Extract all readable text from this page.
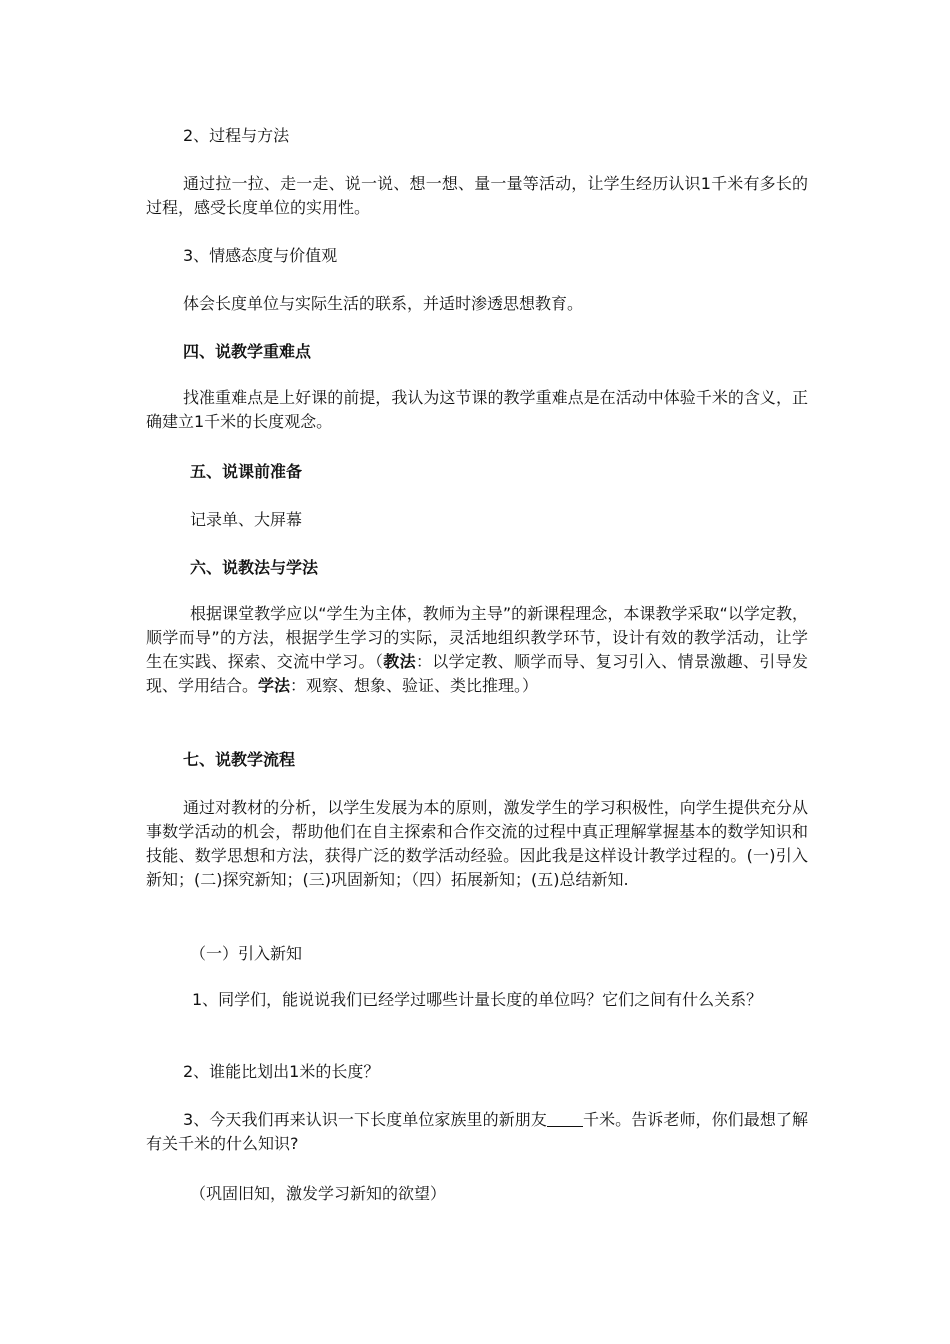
2、过程与方法

通过拉一拉、走一走、说一说、想一想、量一量等活动，让学生经历认识1千米有多长的过程，感受长度单位的实用性。

3、情感态度与价值观

体会长度单位与实际生活的联系，并适时渗透思想教育。

四、说教学重难点

找准重难点是上好课的前提，我认为这节课的教学重难点是在活动中体验千米的含义，正确建立1千米的长度观念。

五、说课前准备

记录单、大屏幕

六、说教法与学法

根据课堂教学应以“学生为主体，教师为主导”的新课程理念，本课教学采取“以学定教，顺学而导”的方法，根据学生学习的实际，灵活地组织教学环节，设计有效的教学活动，让学生在实践、探索、交流中学习。（教法：以学定教、顺学而导、复习引入、情景激趣、引导发现、学用结合。学法：观察、想象、验证、类比推理。）

七、说教学流程

通过对教材的分析，以学生发展为本的原则，激发学生的学习积极性，向学生提供充分从事数学活动的机会，帮助他们在自主探索和合作交流的过程中真正理解掌握基本的数学知识和技能、数学思想和方法，获得广泛的数学活动经验。因此我是这样设计教学过程的。(一)引入新知；(二)探究新知；(三)巩固新知；（四）拓展新知；(五)总结新知.

（一）引入新知

1、同学们，能说说我们已经学过哪些计量长度的单位吗？它们之间有什么关系？

2、谁能比划出1米的长度？

3、今天我们再来认识一下长度单位家族里的新朋友 千米。告诉老师，你们最想了解有关千米的什么知识?

（巩固旧知，激发学习新知的欲望）
